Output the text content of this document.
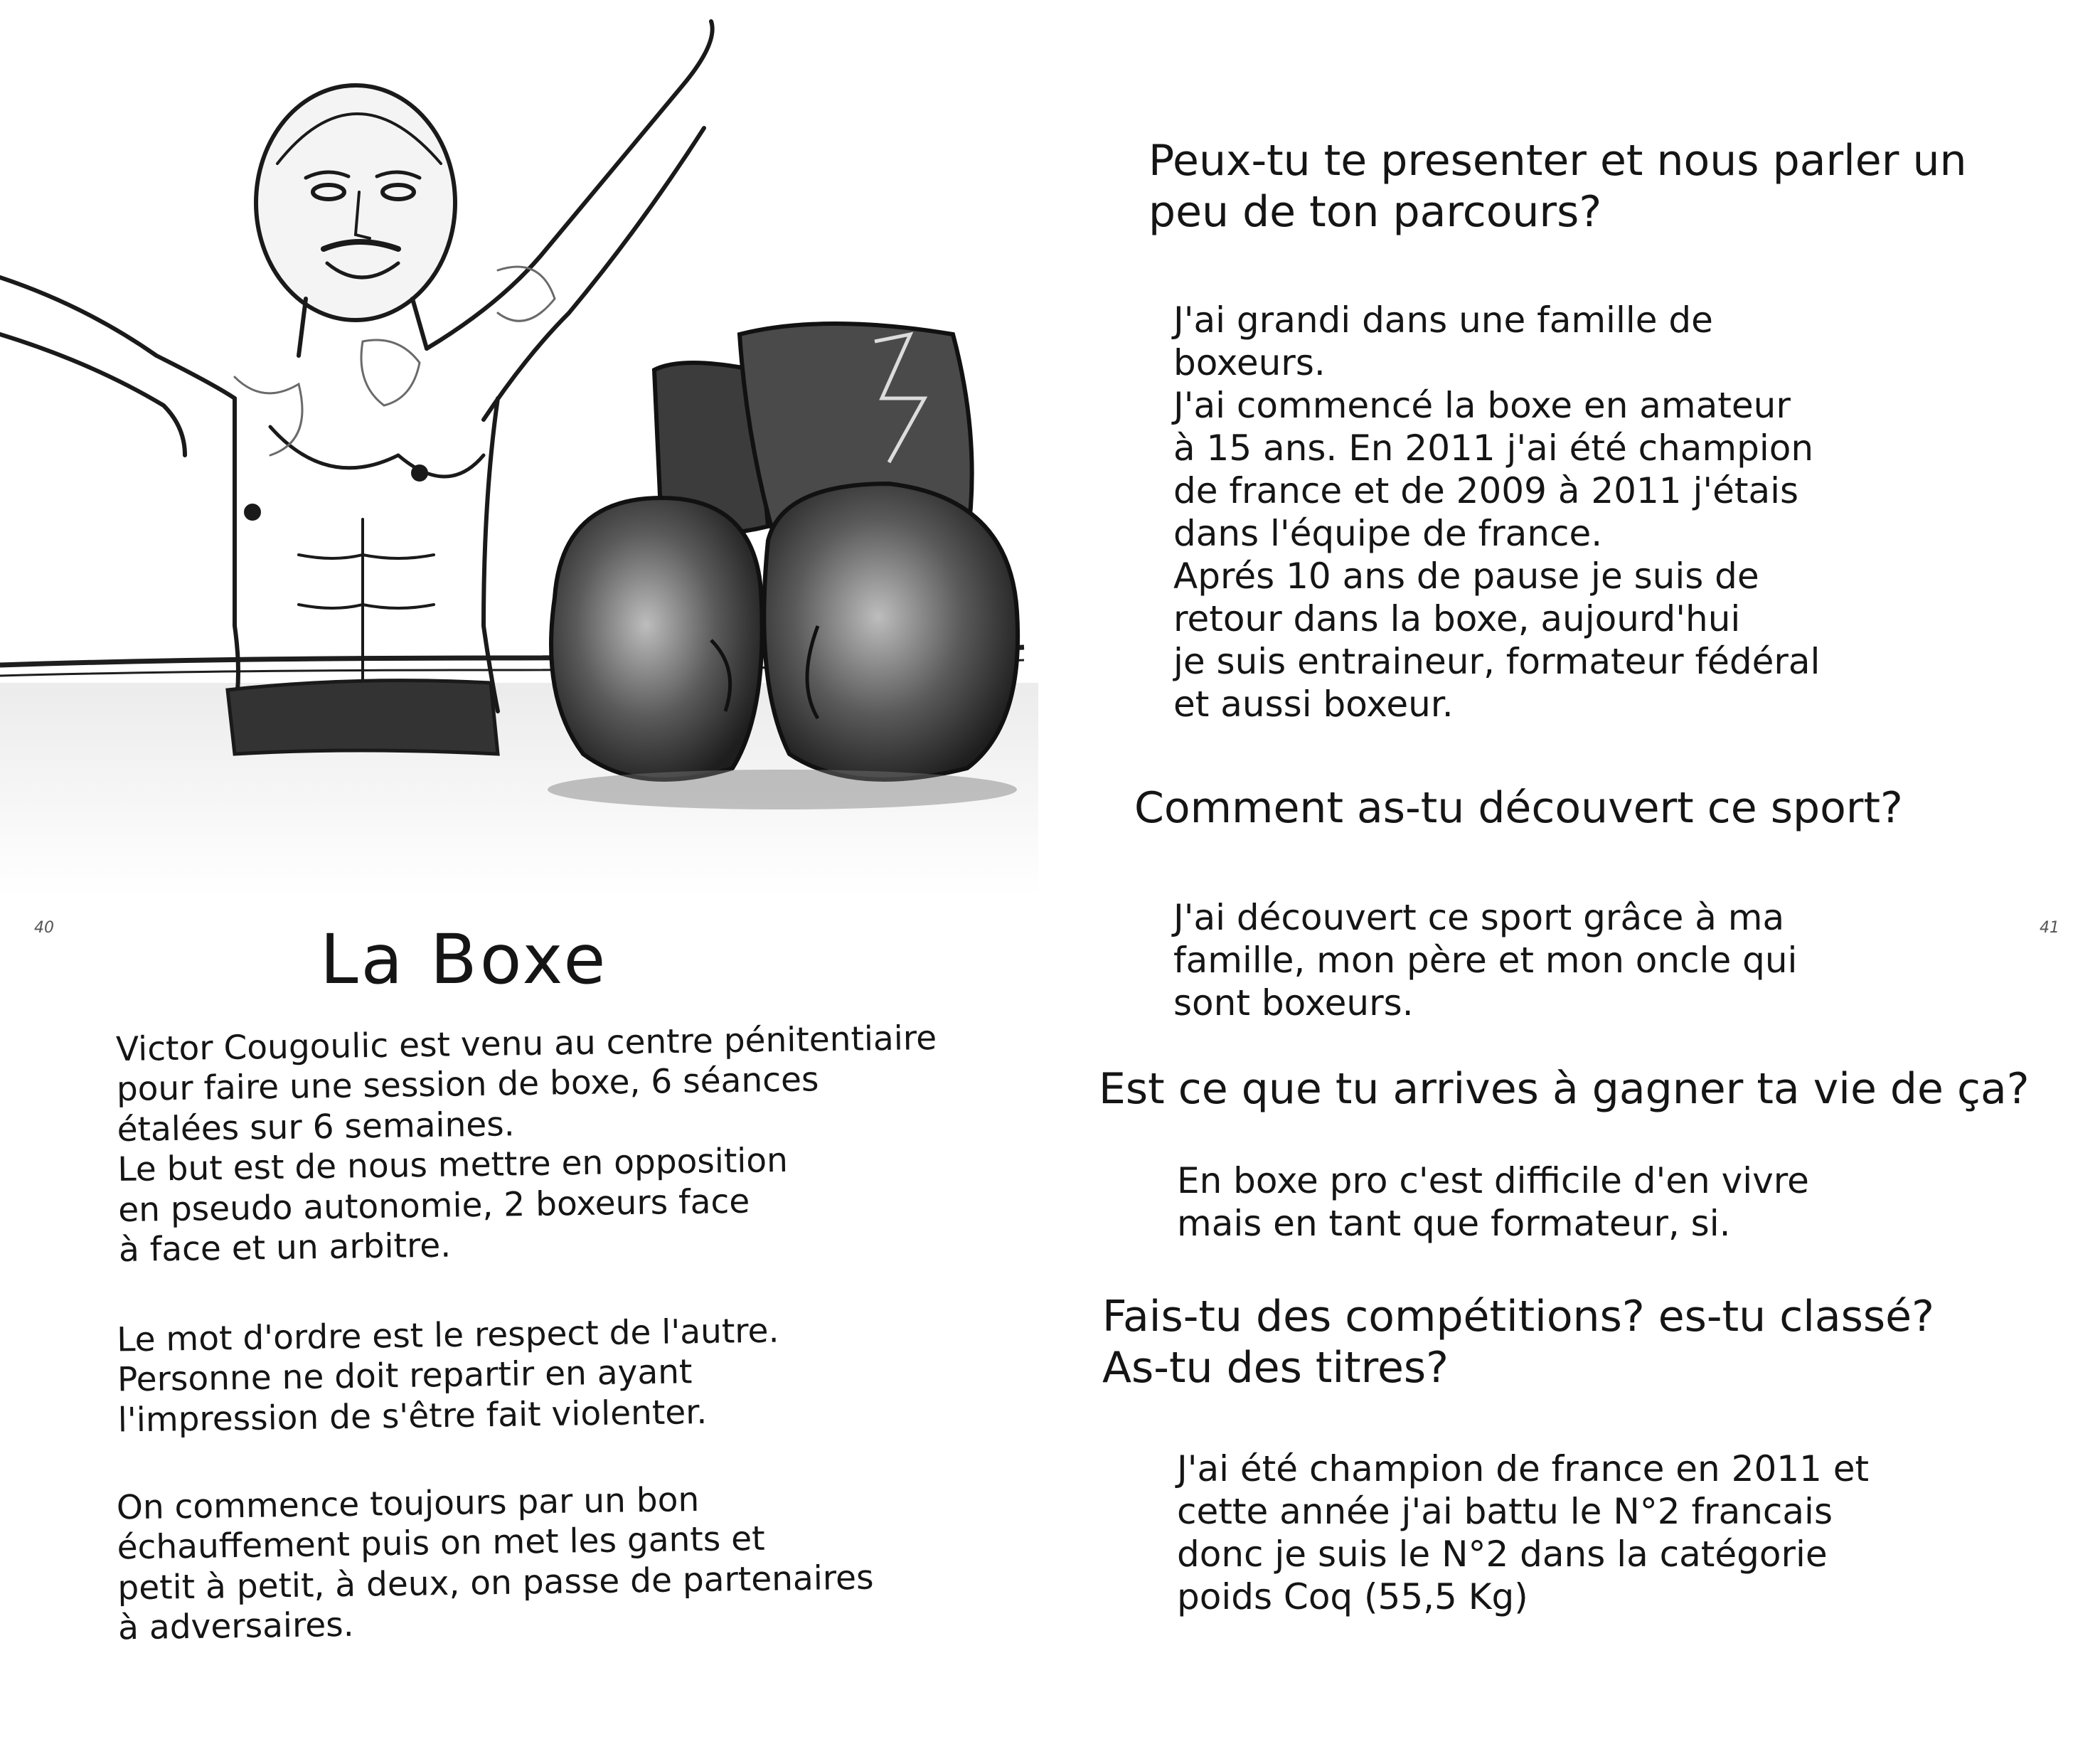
40	La Boxe
Victor Cougoulic est venu au centre pénitentiaire
pour faire une session de boxe, 6 séances
étalées sur 6 semaines.
Le but est de nous mettre en opposition
en pseudo autonomie, 2 boxeurs face
à face et un arbitre.
Le mot d'ordre est le respect de l'autre.
Personne ne doit repartir en ayant
l'impression de s'être fait violenter.
On commence toujours par un bon
échauffement puis on met les gants et
petit à petit, à deux, on passe de partenaires
à adversaires.
41
Peux-tu te presenter et nous parler un
peu de ton parcours?
J'ai grandi dans une famille de
boxeurs.
J'ai commencé la boxe en amateur
à 15 ans. En 2011 j'ai été champion
de france et de 2009 à 2011 j'étais
dans l'équipe de france.
Aprés 10 ans de pause je suis de
retour dans la boxe, aujourd'hui
je suis entraineur, formateur fédéral
et aussi boxeur.
Comment as-tu découvert ce sport?
J'ai découvert ce sport grâce à ma
famille, mon père et mon oncle qui
sont boxeurs.
Est ce que tu arrives à gagner ta vie de ça?
En boxe pro c'est difficile d'en vivre
mais en tant que formateur, si.
Fais-tu des compétitions? es-tu classé?
As-tu des titres?
J'ai été champion de france en 2011 et
cette année j'ai battu le N°2 francais
donc je suis le N°2 dans la catégorie
poids Coq (55,5 Kg)
